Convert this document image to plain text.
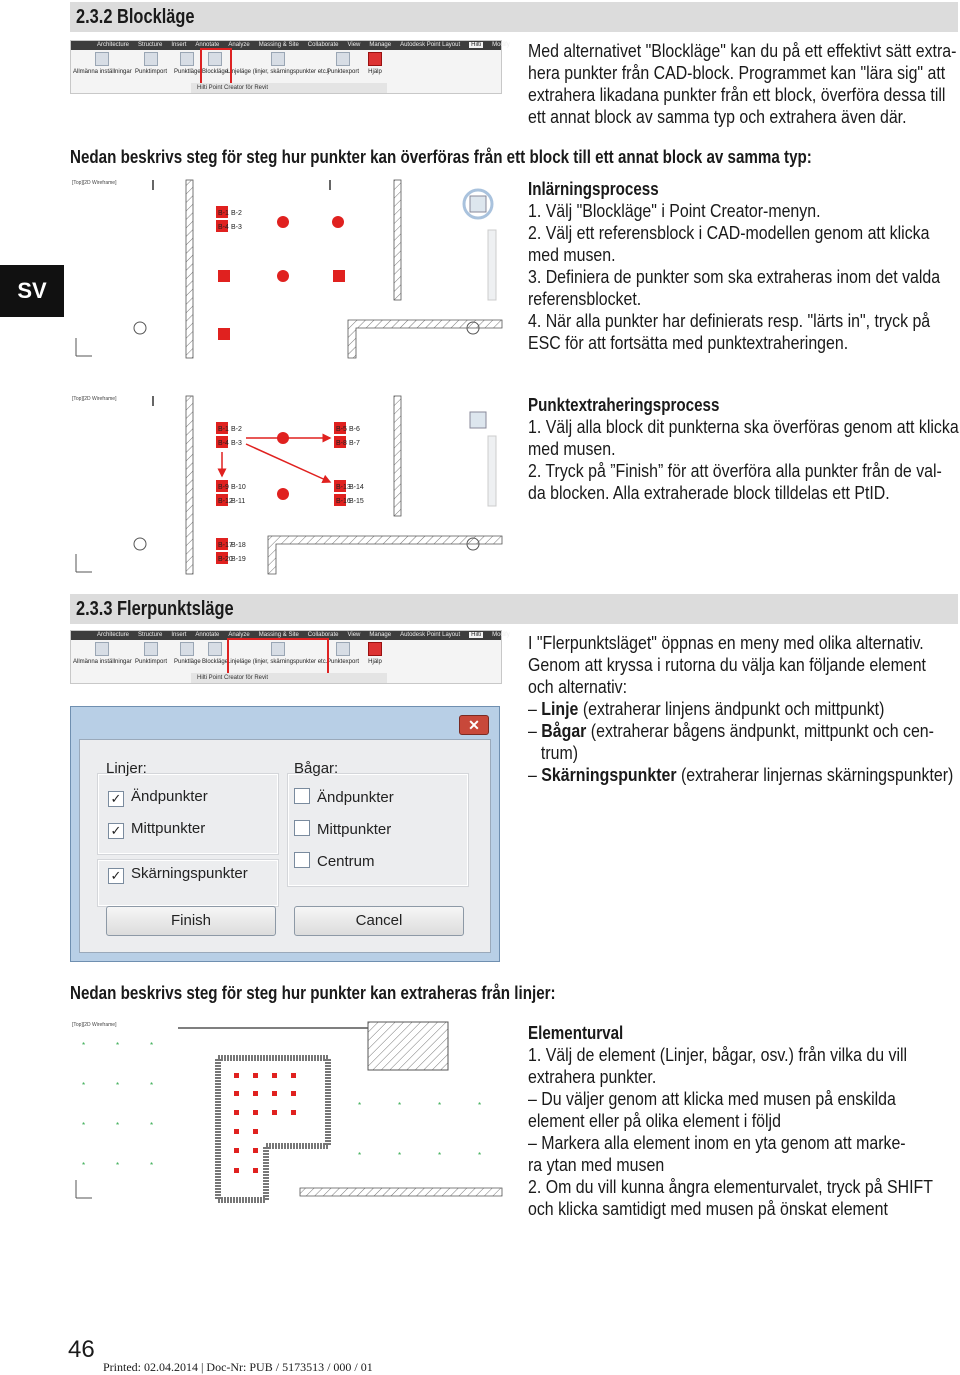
SV
2.3.2 Blockläge
Architecture Structure Insert Annotate Analyze Massing & Site Collaborate View Manage Autodesk Point Layout Hilti Modify
Allmänna inställningar Punktimport Punktläge Blockläge
Linjeläge (linjer, skärningspunkter etc.)
Punktexport Hjälp
Hilti Point Creator för Revit
Med alternativet "Blockläge" kan du på ett effektivt sätt extra-
hera punkter från CAD-block. Programmet kan "lära sig" att
extrahera likadana punkter från ett block, överföra dessa till
ett annat block av samma typ och extrahera även där.
Nedan beskrivs steg för steg hur punkter kan överföras från ett block till ett annat block av samma typ:
[Top][2D Wireframe]
B-1 B-2
B-4 B-3
Inlärningsprocess
1. Välj "Blockläge" i Point Creator-menyn.
2. Välj ett referensblock i CAD-modellen genom att klicka
med musen.
3. Definiera de punkter som ska extraheras inom det valda
referensblocket.
4. När alla punkter har definierats resp. "lärts in", tryck på
ESC för att fortsätta med punktextraheringen.
[Top][2D Wireframe]
B-1 B-2
B-4 B-3
B-5 B-6
B-8 B-7
B-9 B-10
B-12
B-11
B-13
B-14
B-16
B-15
B-17
B-18
B-20
B-19
Punktextraheringsprocess
1. Välj alla block dit punkterna ska överföras genom att klicka
med musen.
2. Tryck på ”Finish” för att överföra alla punkter från de val-
da blocken. Alla extraherade block tilldelas ett PtID.
2.3.3 Flerpunktsläge
Architecture Structure Insert Annotate Analyze Massing & Site Collaborate View Manage Autodesk Point Layout Hilti Modify
Allmänna inställningar Punktimport Punktläge Blockläge
Linjeläge (linjer, skärningspunkter etc.)
Punktexport Hjälp
Hilti Point Creator för Revit
I "Flerpunktsläget" öppnas en meny med olika alternativ.
Genom att kryssa i rutorna du välja kan följande element
och alternativ:
– Linje (extraherar linjens ändpunkt och mittpunkt)
– Bågar (extraherar bågens ändpunkt, mittpunkt och cen-
trum)
– Skärningspunkter (extraherar linjernas skärningspunkter)
✕
Linjer:	Bågar:
✓ Ändpunkter
✓ Mittpunkter
Ändpunkter
Mittpunkter
Centrum
✓ Skärningspunkter
Finish	Cancel
Nedan beskrivs steg för steg hur punkter kan extraheras från linjer:
[Top][2D Wireframe]
*	*	*
*	*	*
*	*	*
*	*	*
*	*	*	*
*	*	*	*
Elementurval
1. Välj de element (Linjer, bågar, osv.) från vilka du vill
extrahera punkter.
– Du väljer genom att klicka med musen på enskilda
element eller på olika element i följd
– Markera alla element inom en yta genom att marke-
ra ytan med musen
2. Om du vill kunna ångra elementurvalet, tryck på SHIFT
och klicka samtidigt med musen på önskat element
46
Printed: 02.04.2014 | Doc-Nr: PUB / 5173513 / 000 / 01
